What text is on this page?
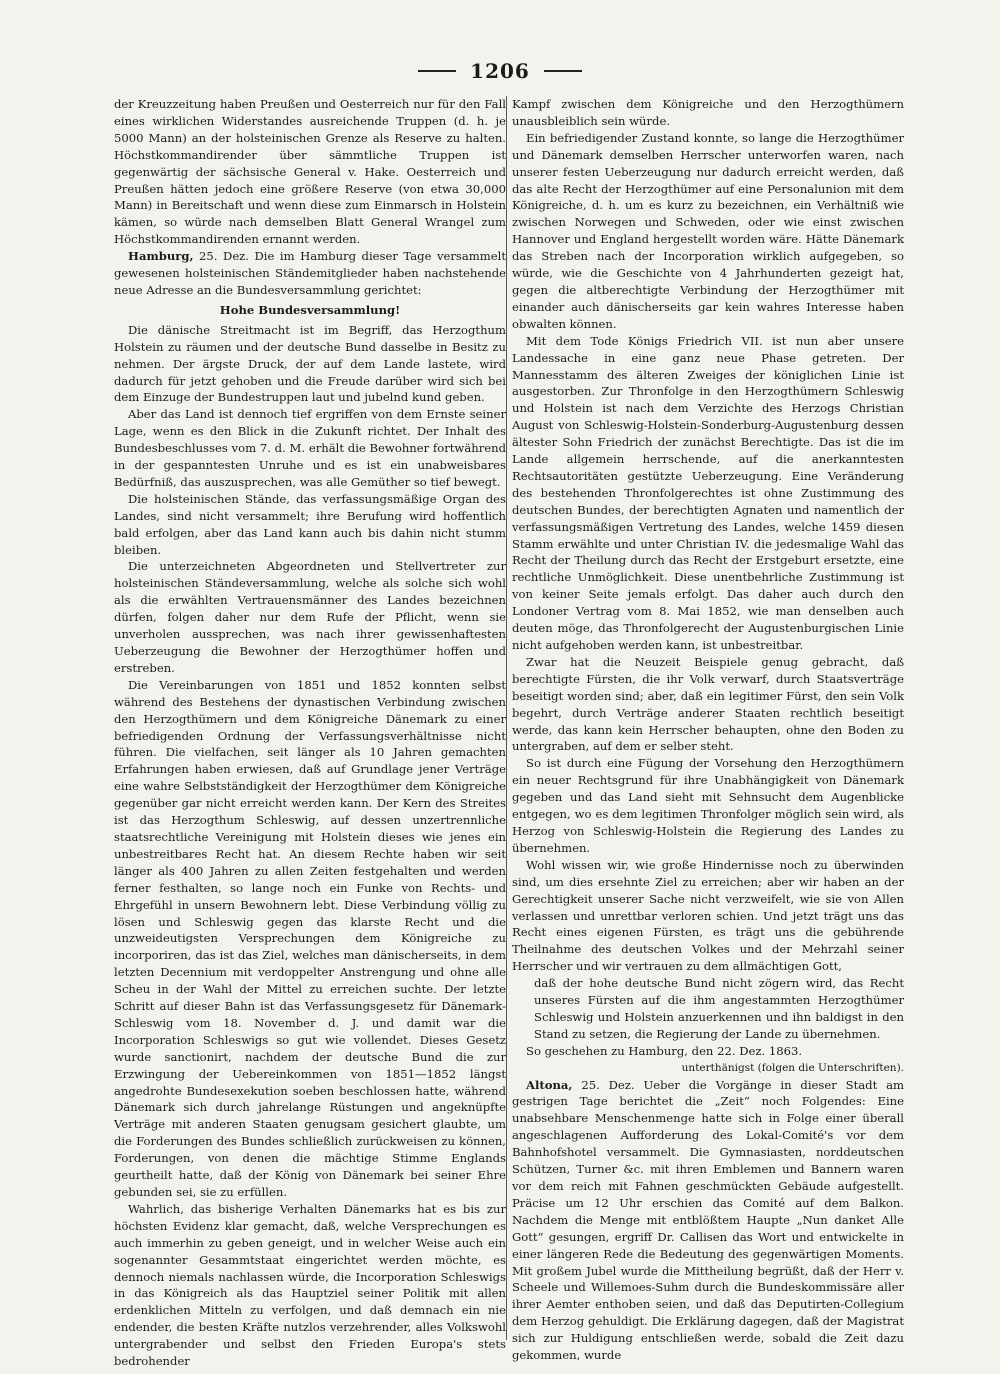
1206

der Kreuzzeitung haben Preußen und Oesterreich nur für den Fall eines wirklichen Widerstandes ausreichende Truppen (d. h. je 5000 Mann) an der holsteinischen Grenze als Reserve zu halten. Höchstkommandirender über sämmtliche Truppen ist gegenwärtig der sächsische General v. Hake. Oesterreich und Preußen hätten jedoch eine größere Reserve (von etwa 30,000 Mann) in Bereitschaft und wenn diese zum Einmarsch in Holstein kämen, so würde nach demselben Blatt General Wrangel zum Höchstkommandirenden ernannt werden.

Hamburg, 25. Dez. Die im Hamburg dieser Tage versammelt gewesenen holsteinischen Ständemitglieder haben nachstehende neue Adresse an die Bundesversammlung gerichtet:

Hohe Bundesversammlung!

Die dänische Streitmacht ist im Begriff, das Herzogthum Holstein zu räumen und der deutsche Bund dasselbe in Besitz zu nehmen. Der ärgste Druck, der auf dem Lande lastete, wird dadurch für jetzt gehoben und die Freude darüber wird sich bei dem Einzuge der Bundestruppen laut und jubelnd kund geben.

Aber das Land ist dennoch tief ergriffen von dem Ernste seiner Lage, wenn es den Blick in die Zukunft richtet. Der Inhalt des Bundesbeschlusses vom 7. d. M. erhält die Bewohner fortwährend in der gespanntesten Unruhe und es ist ein unabweisbares Bedürfniß, das auszusprechen, was alle Gemüther so tief bewegt.

Die holsteinischen Stände, das verfassungsmäßige Organ des Landes, sind nicht versammelt; ihre Berufung wird hoffentlich bald erfolgen, aber das Land kann auch bis dahin nicht stumm bleiben.

Die unterzeichneten Abgeordneten und Stellvertreter zur holsteinischen Ständeversammlung, welche als solche sich wohl als die erwählten Vertrauensmänner des Landes bezeichnen dürfen, folgen daher nur dem Rufe der Pflicht, wenn sie unverholen aussprechen, was nach ihrer gewissenhaftesten Ueberzeugung die Bewohner der Herzogthümer hoffen und erstreben.

Die Vereinbarungen von 1851 und 1852 konnten selbst während des Bestehens der dynastischen Verbindung zwischen den Herzogthümern und dem Königreiche Dänemark zu einer befriedigenden Ordnung der Verfassungsverhältnisse nicht führen. Die vielfachen, seit länger als 10 Jahren gemachten Erfahrungen haben erwiesen, daß auf Grundlage jener Verträge eine wahre Selbstständigkeit der Herzogthümer dem Königreiche gegenüber gar nicht erreicht werden kann. Der Kern des Streites ist das Herzogthum Schleswig, auf dessen unzertrennliche staatsrechtliche Vereinigung mit Holstein dieses wie jenes ein unbestreitbares Recht hat. An diesem Rechte haben wir seit länger als 400 Jahren zu allen Zeiten festgehalten und werden ferner festhalten, so lange noch ein Funke von Rechts- und Ehrgefühl in unsern Bewohnern lebt. Diese Verbindung völlig zu lösen und Schleswig gegen das klarste Recht und die unzweideutigsten Versprechungen dem Königreiche zu incorporiren, das ist das Ziel, welches man dänischerseits, in dem letzten Decennium mit verdoppelter Anstrengung und ohne alle Scheu in der Wahl der Mittel zu erreichen suchte. Der letzte Schritt auf dieser Bahn ist das Verfassungsgesetz für Dänemark-Schleswig vom 18. November d. J. und damit war die Incorporation Schleswigs so gut wie vollendet. Dieses Gesetz wurde sanctionirt, nachdem der deutsche Bund die zur Erzwingung der Uebereinkommen von 1851—1852 längst angedrohte Bundesexekution soeben beschlossen hatte, während Dänemark sich durch jahrelange Rüstungen und angeknüpfte Verträge mit anderen Staaten genugsam gesichert glaubte, um die Forderungen des Bundes schließlich zurückweisen zu können, Forderungen, von denen die mächtige Stimme Englands geurtheilt hatte, daß der König von Dänemark bei seiner Ehre gebunden sei, sie zu erfüllen.

Wahrlich, das bisherige Verhalten Dänemarks hat es bis zur höchsten Evidenz klar gemacht, daß, welche Versprechungen es auch immerhin zu geben geneigt, und in welcher Weise auch ein sogenannter Gesammtstaat eingerichtet werden möchte, es dennoch niemals nachlassen würde, die Incorporation Schleswigs in das Königreich als das Hauptziel seiner Politik mit allen erdenklichen Mitteln zu verfolgen, und daß demnach ein nie endender, die besten Kräfte nutzlos verzehrender, alles Volkswohl untergrabender und selbst den Frieden Europa's stets bedrohender

Kampf zwischen dem Königreiche und den Herzogthümern unausbleiblich sein würde.

Ein befriedigender Zustand konnte, so lange die Herzogthümer und Dänemark demselben Herrscher unterworfen waren, nach unserer festen Ueberzeugung nur dadurch erreicht werden, daß das alte Recht der Herzogthümer auf eine Personalunion mit dem Königreiche, d. h. um es kurz zu bezeichnen, ein Verhältniß wie zwischen Norwegen und Schweden, oder wie einst zwischen Hannover und England hergestellt worden wäre. Hätte Dänemark das Streben nach der Incorporation wirklich aufgegeben, so würde, wie die Geschichte von 4 Jahrhunderten gezeigt hat, gegen die altberechtigte Verbindung der Herzogthümer mit einander auch dänischerseits gar kein wahres Interesse haben obwalten können.

Mit dem Tode Königs Friedrich VII. ist nun aber unsere Landessache in eine ganz neue Phase getreten. Der Mannesstamm des älteren Zweiges der königlichen Linie ist ausgestorben. Zur Thronfolge in den Herzogthümern Schleswig und Holstein ist nach dem Verzichte des Herzogs Christian August von Schleswig-Holstein-Sonderburg-Augustenburg dessen ältester Sohn Friedrich der zunächst Berechtigte. Das ist die im Lande allgemein herrschende, auf die anerkanntesten Rechtsautoritäten gestützte Ueberzeugung. Eine Veränderung des bestehenden Thronfolgerechtes ist ohne Zustimmung des deutschen Bundes, der berechtigten Agnaten und namentlich der verfassungsmäßigen Vertretung des Landes, welche 1459 diesen Stamm erwählte und unter Christian IV. die jedesmalige Wahl das Recht der Theilung durch das Recht der Erstgeburt ersetzte, eine rechtliche Unmöglichkeit. Diese unentbehrliche Zustimmung ist von keiner Seite jemals erfolgt. Das daher auch durch den Londoner Vertrag vom 8. Mai 1852, wie man denselben auch deuten möge, das Thronfolgerecht der Augustenburgischen Linie nicht aufgehoben werden kann, ist unbestreitbar.

Zwar hat die Neuzeit Beispiele genug gebracht, daß berechtigte Fürsten, die ihr Volk verwarf, durch Staatsverträge beseitigt worden sind; aber, daß ein legitimer Fürst, den sein Volk begehrt, durch Verträge anderer Staaten rechtlich beseitigt werde, das kann kein Herrscher behaupten, ohne den Boden zu untergraben, auf dem er selber steht.

So ist durch eine Fügung der Vorsehung den Herzogthümern ein neuer Rechtsgrund für ihre Unabhängigkeit von Dänemark gegeben und das Land sieht mit Sehnsucht dem Augenblicke entgegen, wo es dem legitimen Thronfolger möglich sein wird, als Herzog von Schleswig-Holstein die Regierung des Landes zu übernehmen.

Wohl wissen wir, wie große Hindernisse noch zu überwinden sind, um dies ersehnte Ziel zu erreichen; aber wir haben an der Gerechtigkeit unserer Sache nicht verzweifelt, wie sie von Allen verlassen und unrettbar verloren schien. Und jetzt trägt uns das Recht eines eigenen Fürsten, es trägt uns die gebührende Theilnahme des deutschen Volkes und der Mehrzahl seiner Herrscher und wir vertrauen zu dem allmächtigen Gott,

daß der hohe deutsche Bund nicht zögern wird, das Recht unseres Fürsten auf die ihm angestammten Herzogthümer Schleswig und Holstein anzuerkennen und ihn baldigst in den Stand zu setzen, die Regierung der Lande zu übernehmen.

So geschehen zu Hamburg, den 22. Dez. 1863.

unterthänigst (folgen die Unterschriften).

Altona, 25. Dez. Ueber die Vorgänge in dieser Stadt am gestrigen Tage berichtet die „Zeit“ noch Folgendes: Eine unabsehbare Menschenmenge hatte sich in Folge einer überall angeschlagenen Aufforderung des Lokal-Comité's vor dem Bahnhofshotel versammelt. Die Gymnasiasten, norddeutschen Schützen, Turner &c. mit ihren Emblemen und Bannern waren vor dem reich mit Fahnen geschmückten Gebäude aufgestellt. Präcise um 12 Uhr erschien das Comité auf dem Balkon. Nachdem die Menge mit entblößtem Haupte „Nun danket Alle Gott“ gesungen, ergriff Dr. Callisen das Wort und entwickelte in einer längeren Rede die Bedeutung des gegenwärtigen Moments. Mit großem Jubel wurde die Mittheilung begrüßt, daß der Herr v. Scheele und Willemoes-Suhm durch die Bundeskommissäre aller ihrer Aemter enthoben seien, und daß das Deputirten-Collegium dem Herzog gehuldigt. Die Erklärung dagegen, daß der Magistrat sich zur Huldigung entschließen werde, sobald die Zeit dazu gekommen, wurde
